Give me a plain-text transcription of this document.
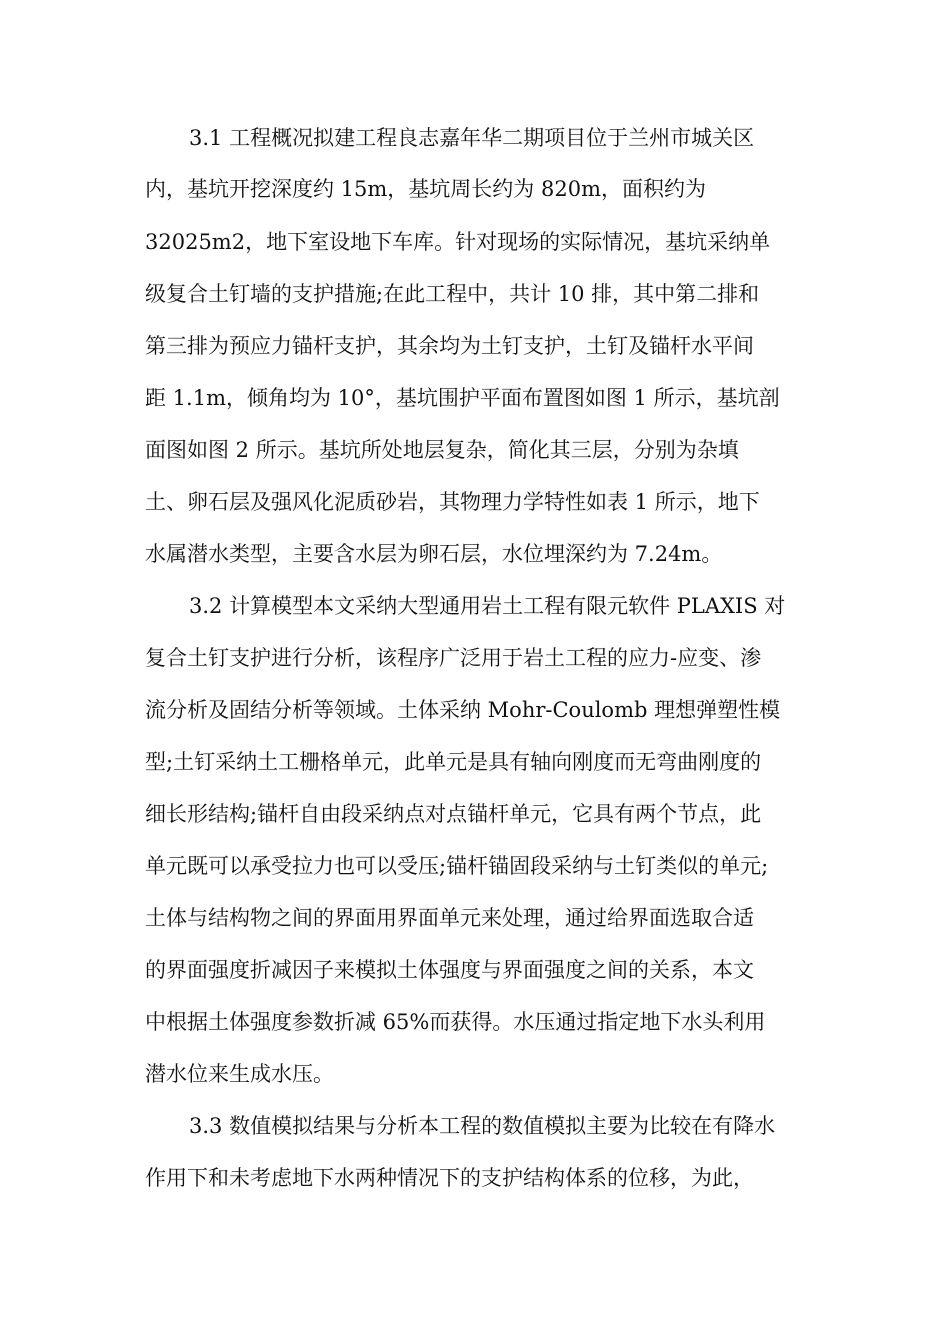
3.1 工程概况拟建工程良志嘉年华二期项目位于兰州市城关区

内，基坑开挖深度约 15m，基坑周长约为 820m，面积约为

32025m2，地下室设地下车库。针对现场的实际情况，基坑采纳单

级复合土钉墙的支护措施;在此工程中，共计 10 排，其中第二排和

第三排为预应力锚杆支护，其余均为土钉支护，土钉及锚杆水平间

距 1.1m，倾角均为 10°，基坑围护平面布置图如图 1 所示，基坑剖

面图如图 2 所示。基坑所处地层复杂，简化其三层，分别为杂填

土、卵石层及强风化泥质砂岩，其物理力学特性如表 1 所示，地下

水属潜水类型，主要含水层为卵石层，水位埋深约为 7.24m。

3.2 计算模型本文采纳大型通用岩土工程有限元软件 PLAXIS 对

复合土钉支护进行分析，该程序广泛用于岩土工程的应力-应变、渗

流分析及固结分析等领域。土体采纳 Mohr-Coulomb 理想弹塑性模

型;土钉采纳土工栅格单元，此单元是具有轴向刚度而无弯曲刚度的

细长形结构;锚杆自由段采纳点对点锚杆单元，它具有两个节点，此

单元既可以承受拉力也可以受压;锚杆锚固段采纳与土钉类似的单元;

土体与结构物之间的界面用界面单元来处理，通过给界面选取合适

的界面强度折减因子来模拟土体强度与界面强度之间的关系，本文

中根据土体强度参数折减 65%而获得。水压通过指定地下水头利用

潜水位来生成水压。

3.3 数值模拟结果与分析本工程的数值模拟主要为比较在有降水

作用下和未考虑地下水两种情况下的支护结构体系的位移，为此，
